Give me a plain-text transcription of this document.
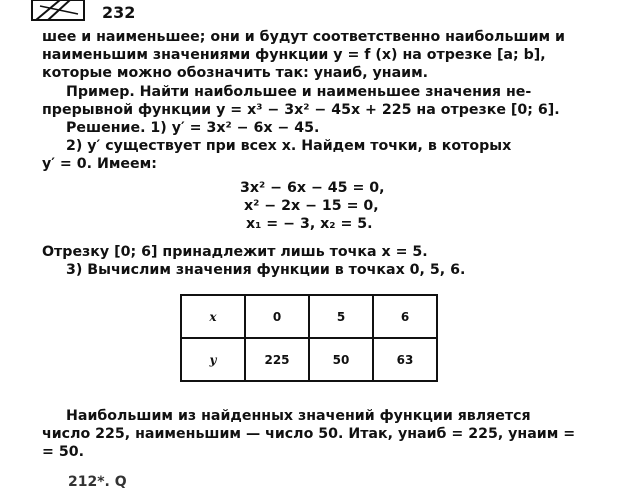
232
шее и наименьшее; они и будут соответственно наибольшим и
наименьшим значениями функции y = f (x) на отрезке [a; b],
которые можно обозначить так: yнаиб, yнаим.
Пример. Найти наибольшее и наименьшее значения не-
прерывной функции y = x³ − 3x² − 45x + 225 на отрезке [0; 6].
Решение. 1) y′ = 3x² − 6x − 45.
2) y′ существует при всех x. Найдем точки, в которых
y′ = 0. Имеем:
3x² − 6x − 45 = 0,
x² − 2x − 15 = 0,
x₁ = − 3, x₂ = 5.
Отрезку [0; 6] принадлежит лишь точка x = 5.
3) Вычислим значения функции в точках 0, 5, 6.
x	0	5	6
y	225	50	63
Наибольшим из найденных значений функции является
число 225, наименьшим — число 50. Итак, yнаиб = 225, yнаим =
= 50.
212*. Q
